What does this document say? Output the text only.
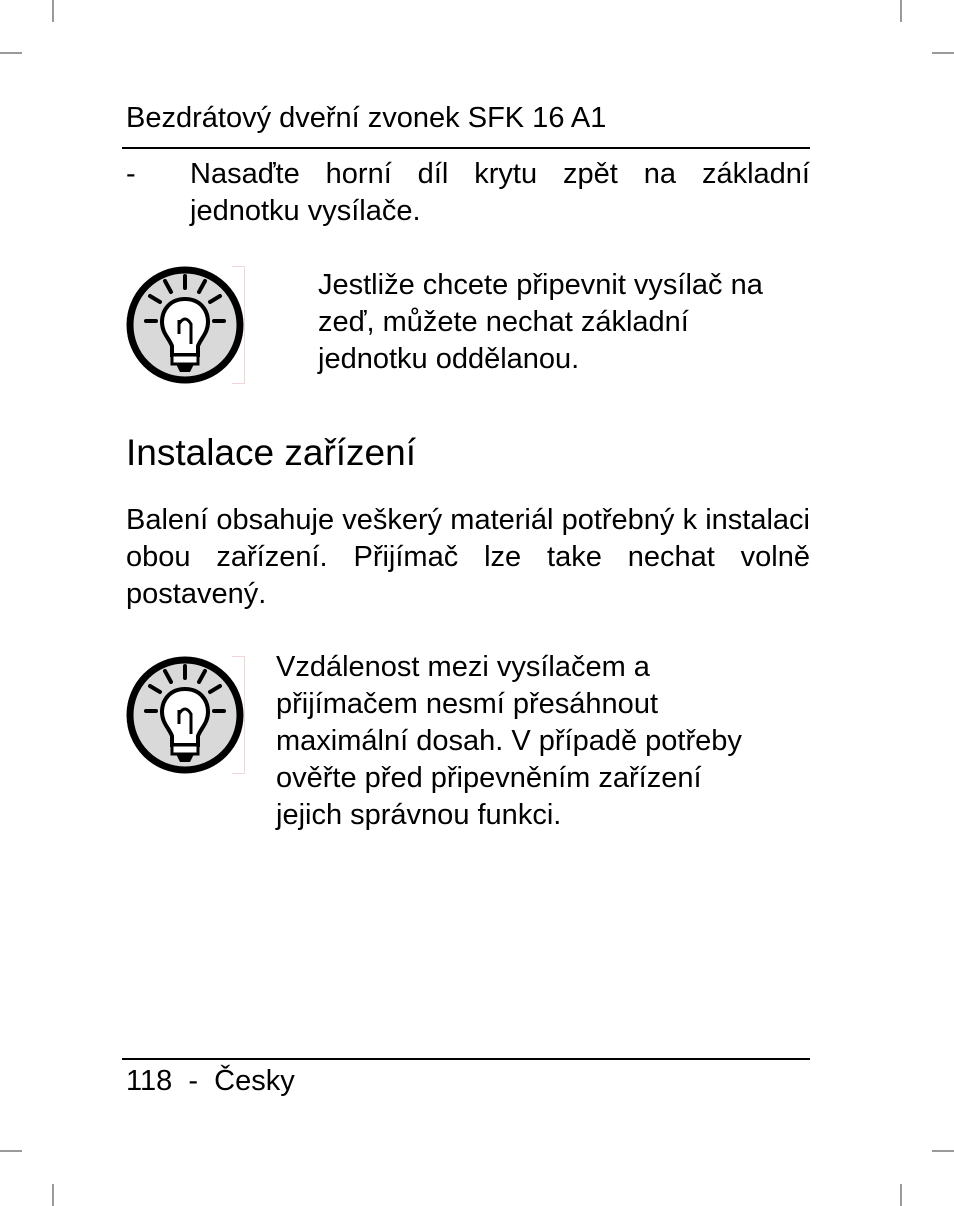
Bezdrátový dveřní zvonek SFK 16 A1
- Nasaďte horní díl krytu zpět na základní jednotku vysílače.
Jestliže chcete připevnit vysílač na
zeď, můžete nechat základní
jednotku oddělanou.
Instalace zařízení
Balení obsahuje veškerý materiál potřebný k instalaci obou zařízení. Přijímač lze take nechat volně postavený.
Vzdálenost mezi vysílačem a
přijímačem nesmí přesáhnout
maximální dosah. V případě potřeby
ověřte před připevněním zařízení
jejich správnou funkci.
118 - Česky
